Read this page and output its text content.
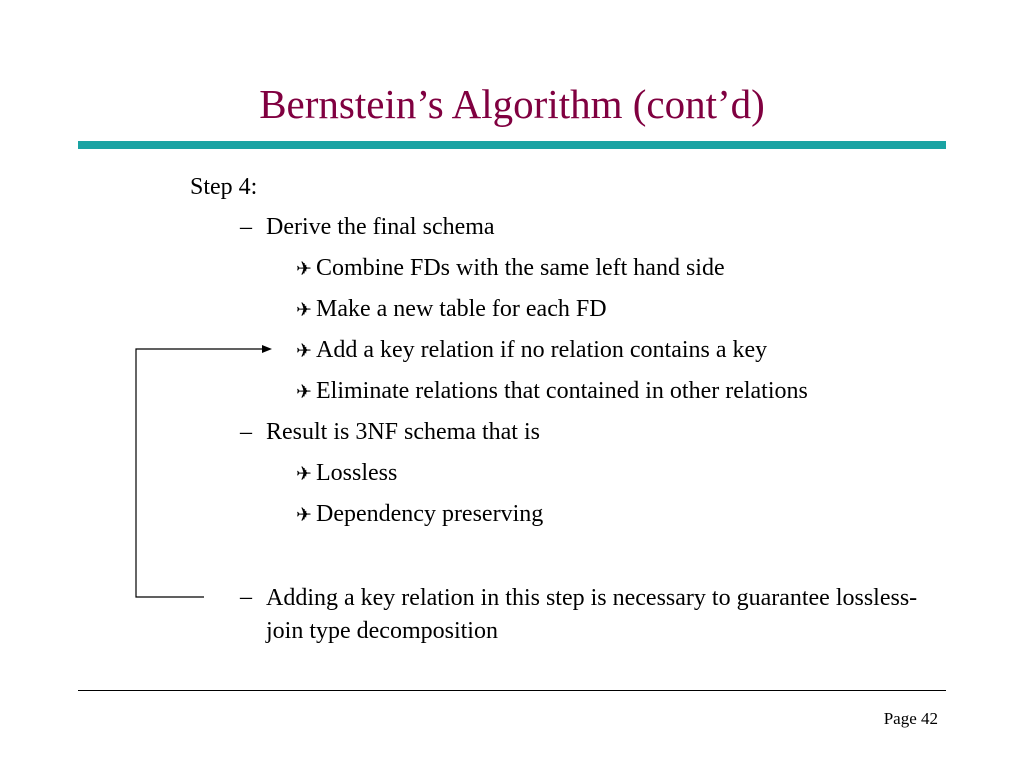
Bernstein’s Algorithm (cont’d)
Step 4:
– Derive the final schema
✈ Combine FDs with the same left hand side
✈ Make a new table for each FD
✈ Add a key relation if no relation contains a key
✈ Eliminate relations that contained in other relations
– Result is 3NF schema that is
✈ Lossless
✈ Dependency preserving
– Adding a key relation in this step is necessary to guarantee lossless-join type decomposition
Page 42
